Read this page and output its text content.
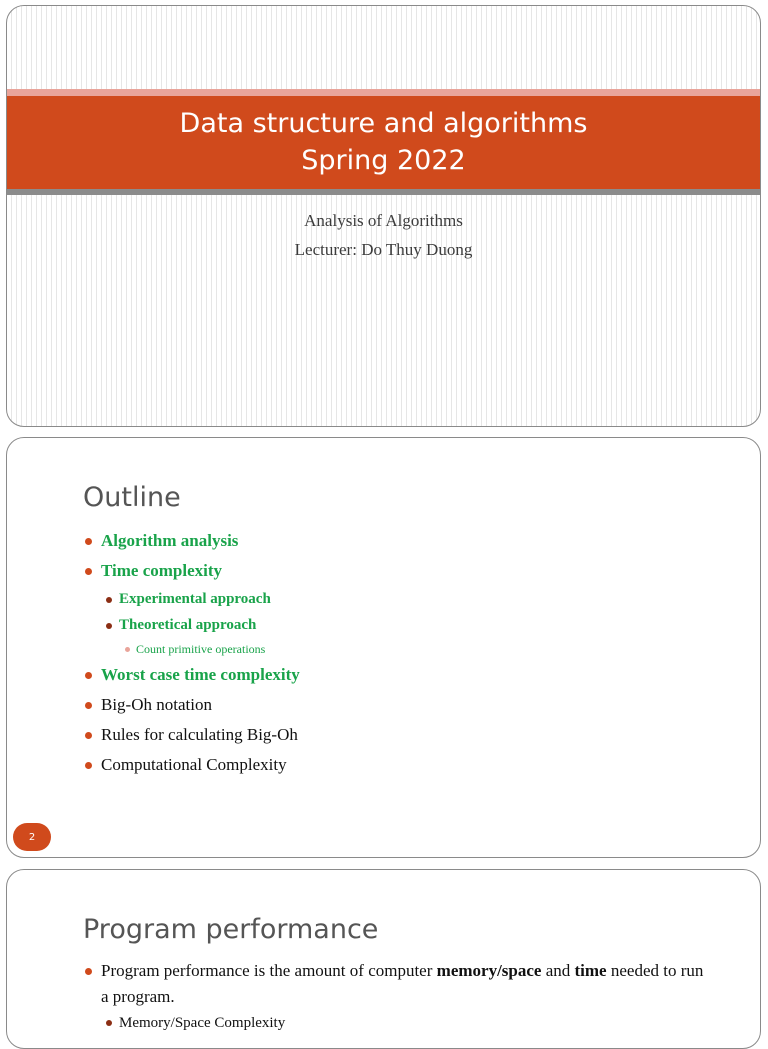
Data structure and algorithms
Spring 2022
Analysis of Algorithms
Lecturer: Do Thuy Duong
Outline
Algorithm analysis
Time complexity
Experimental approach
Theoretical approach
Count primitive operations
Worst case time complexity
Big-Oh notation
Rules for calculating Big-Oh
Computational Complexity
2
Program performance
Program performance is the amount of computer memory/space and time needed to run a program.
Memory/Space Complexity
